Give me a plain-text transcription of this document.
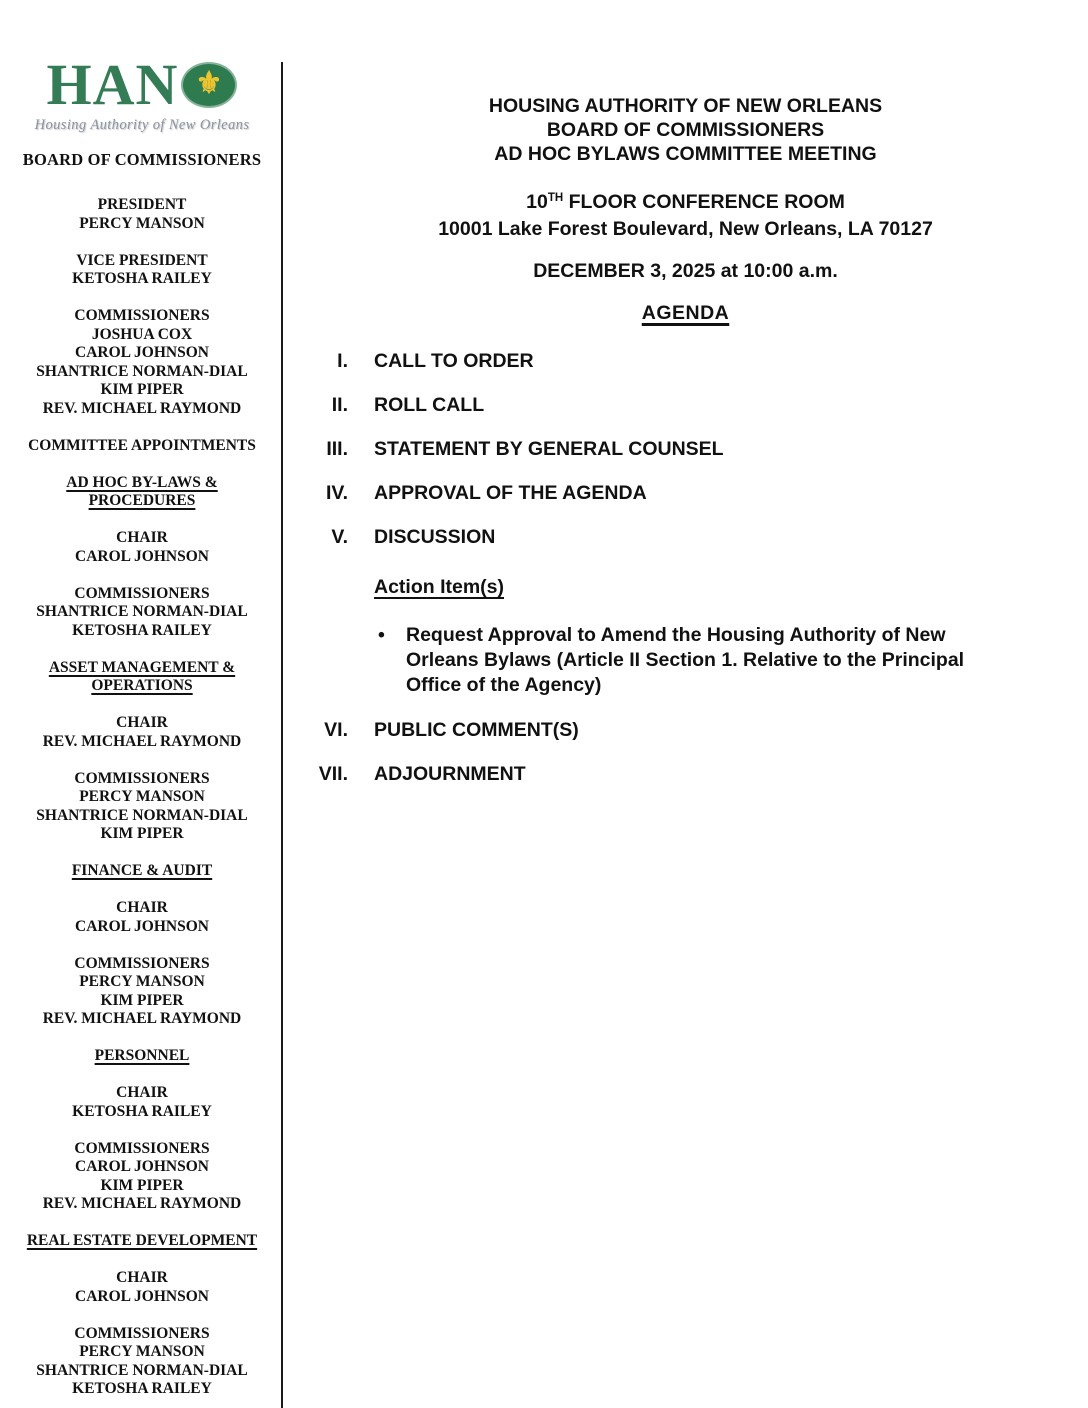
HAN ⚜
Housing Authority of New Orleans
BOARD OF COMMISSIONERS
PRESIDENT
PERCY MANSON
VICE PRESIDENT
KETOSHA RAILEY
COMMISSIONERS
JOSHUA COX
CAROL JOHNSON
SHANTRICE NORMAN-DIAL
KIM PIPER
REV. MICHAEL RAYMOND
COMMITTEE APPOINTMENTS
AD HOC BY-LAWS &
PROCEDURES
CHAIR
CAROL JOHNSON
COMMISSIONERS
SHANTRICE NORMAN-DIAL
KETOSHA RAILEY
ASSET MANAGEMENT &
OPERATIONS
CHAIR
REV. MICHAEL RAYMOND
COMMISSIONERS
PERCY MANSON
SHANTRICE NORMAN-DIAL
KIM PIPER
FINANCE & AUDIT
CHAIR
CAROL JOHNSON
COMMISSIONERS
PERCY MANSON
KIM PIPER
REV. MICHAEL RAYMOND
PERSONNEL
CHAIR
KETOSHA RAILEY
COMMISSIONERS
CAROL JOHNSON
KIM PIPER
REV. MICHAEL RAYMOND
REAL ESTATE DEVELOPMENT
CHAIR
CAROL JOHNSON
COMMISSIONERS
PERCY MANSON
SHANTRICE NORMAN-DIAL
KETOSHA RAILEY
HOUSING AUTHORITY OF NEW ORLEANS
BOARD OF COMMISSIONERS
AD HOC BYLAWS COMMITTEE MEETING
10TH FLOOR CONFERENCE ROOM
10001 Lake Forest Boulevard, New Orleans, LA 70127
DECEMBER 3, 2025 at 10:00 a.m.
AGENDA
I. CALL TO ORDER
II. ROLL CALL
III. STATEMENT BY GENERAL COUNSEL
IV. APPROVAL OF THE AGENDA
V. DISCUSSION
Action Item(s)
• Request Approval to Amend the Housing Authority of New Orleans Bylaws (Article II Section 1. Relative to the Principal Office of the Agency)
VI. PUBLIC COMMENT(S)
VII. ADJOURNMENT
